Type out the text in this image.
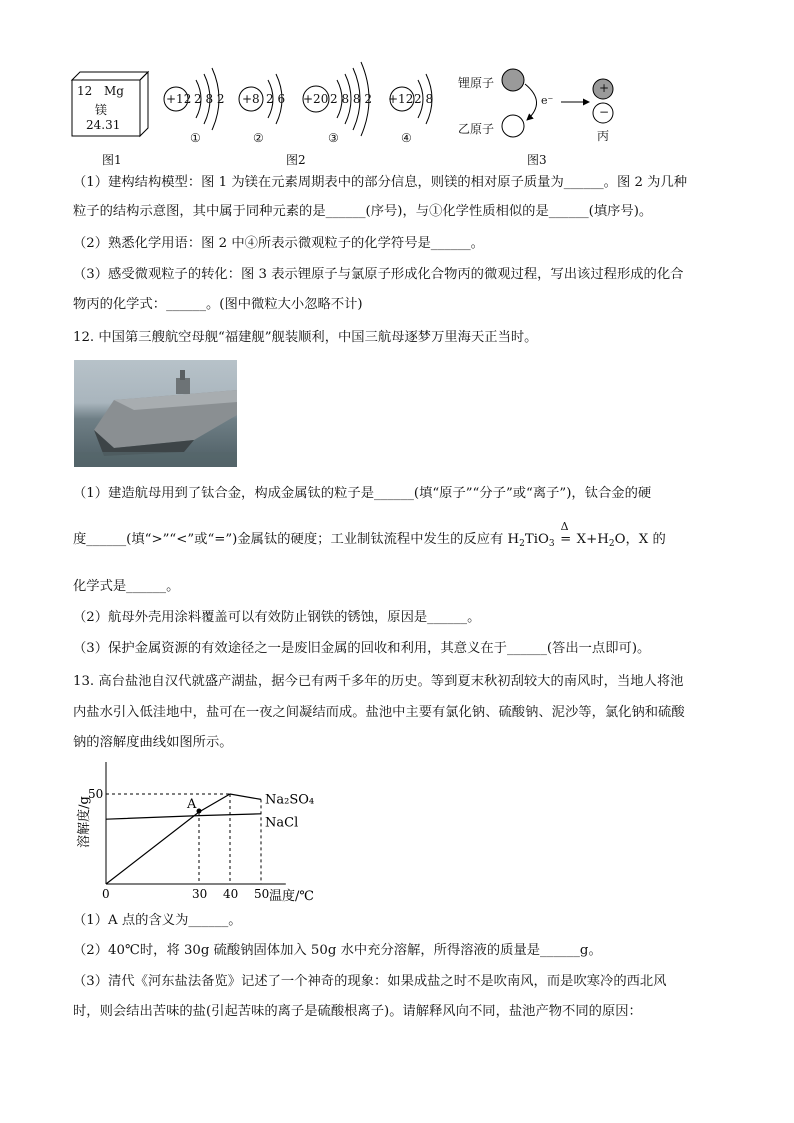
12 Mg
镁
24.31
图1
+12 2 8 2
①
+8 2 6
②
+20 2 8 8 2
③
+12 2 8
④
图2
锂原子
乙原子
e⁻
+
−
丙
图3
（1）建构结构模型：图 1 为镁在元素周期表中的部分信息，则镁的相对原子质量为______。图 2 为几种
粒子的结构示意图，其中属于同种元素的是______(序号)，与①化学性质相似的是______(填序号)。
（2）熟悉化学用语：图 2 中④所表示微观粒子的化学符号是______。
（3）感受微观粒子的转化：图 3 表示锂原子与氯原子形成化合物丙的微观过程，写出该过程形成的化合
物丙的化学式：______。(图中微粒大小忽略不计)
12. 中国第三艘航空母舰“福建舰”舰装顺利，中国三航母逐梦万里海天正当时。
（1）建造航母用到了钛合金，构成金属钛的粒子是______(填“原子”“分子”或“离子”)，钛合金的硬
度______(填“>”“<”或“=”)金属钛的硬度；工业制钛流程中发生的反应有 $H_2TiO_3$
Δ
= $X+H_2O$，X 的
化学式是______。
（2）航母外壳用涂料覆盖可以有效防止钢铁的锈蚀，原因是______。
（3）保护金属资源的有效途径之一是废旧金属的回收和利用，其意义在于______(答出一点即可)。
13. 高台盐池自汉代就盛产湖盐，据今已有两千多年的历史。等到夏末秋初刮较大的南风时，当地人将池
内盐水引入低洼地中，盐可在一夜之间凝结而成。盐池中主要有氯化钠、硫酸钠、泥沙等，氯化钠和硫酸
钠的溶解度曲线如图所示。
溶解度/g
0	30 40 50 温度/℃
50	Na₂SO₄
NaCl
A
（1）A 点的含义为______。
（2）40℃时，将 30g 硫酸钠固体加入 50g 水中充分溶解，所得溶液的质量是______g。
（3）清代《河东盐法备览》记述了一个神奇的现象：如果成盐之时不是吹南风，而是吹寒冷的西北风
时，则会结出苦味的盐(引起苦味的离子是硫酸根离子)。请解释风向不同，盐池产物不同的原因：
